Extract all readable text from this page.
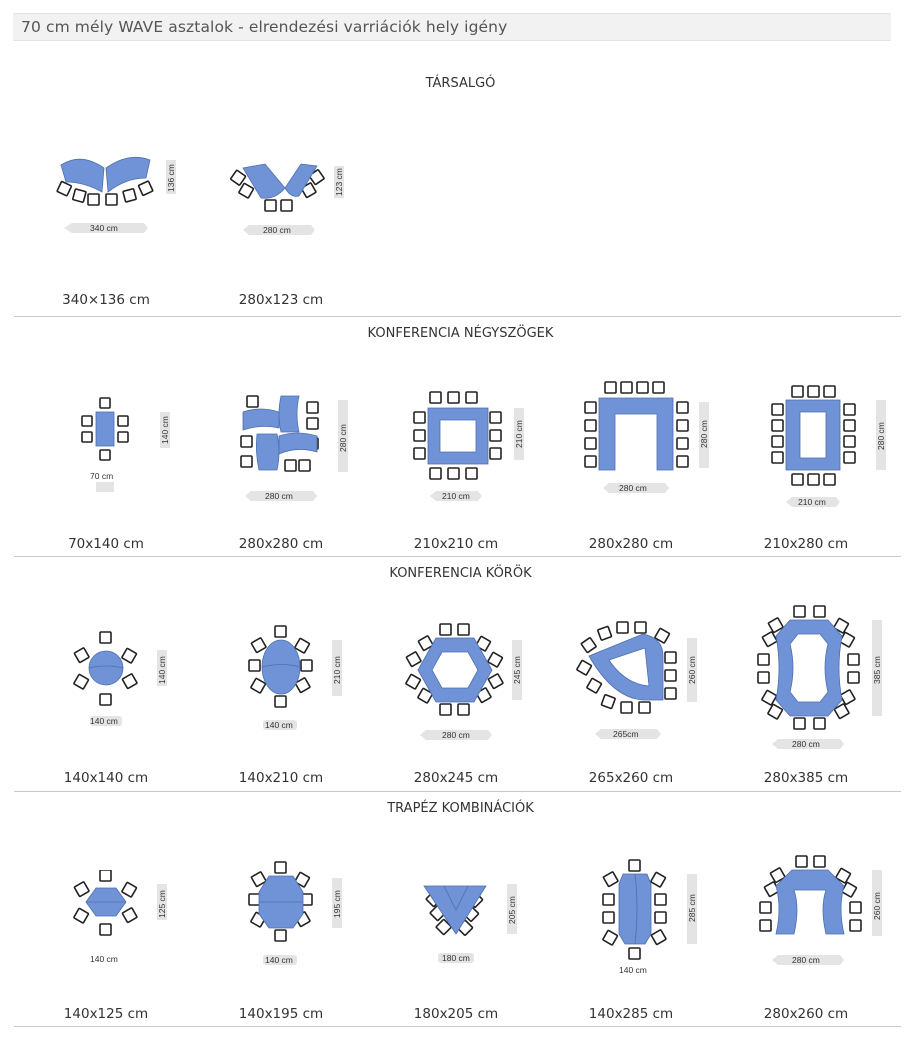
70 cm mély WAVE asztalok - elrendezési varriációk hely igény
TÁRSALGÓ
136 cm
340 cm
340×136 cm
123 cm
280 cm
280x123 cm
KONFERENCIA NÉGYSZÖGEK
140 cm
70 cm
70x140 cm
280 cm
280 cm
280x280 cm
210 cm
210 cm
210x210 cm
280 cm
280 cm
280x280 cm
280 cm
210 cm
210x280 cm
KONFERENCIA KÖRÖK
140 cm
140 cm
140x140 cm
210 cm
140 cm
140x210 cm
245 cm
280 cm
280x245 cm
260 cm
265cm
265x260 cm
385 cm
280 cm
280x385 cm
TRAPÉZ KOMBINÁCIÓK
125 cm
140 cm
140x125 cm
195 cm
140 cm
140x195 cm
205 cm
180 cm
180x205 cm
285 cm
140 cm
140x285 cm
260 cm
280 cm
280x260 cm
